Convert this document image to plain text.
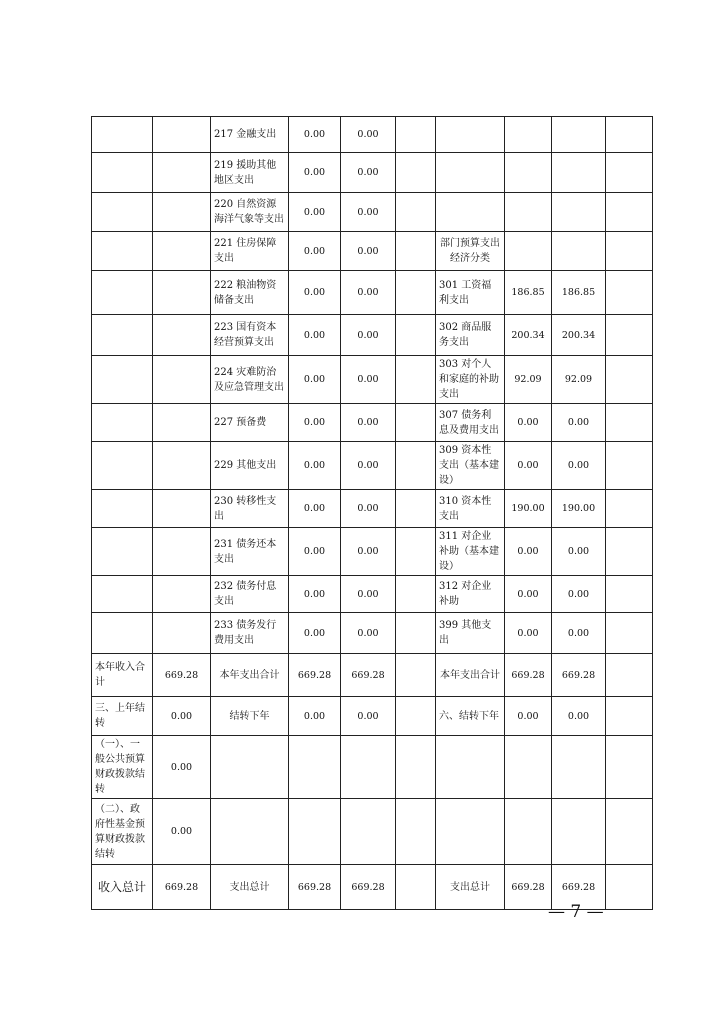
		217 金融支出	0.00	0.00					
		219 援助其他地区支出	0.00	0.00					
		220 自然资源海洋气象等支出	0.00	0.00					
		221 住房保障支出	0.00	0.00		部门预算支出经济分类			
		222 粮油物资储备支出	0.00	0.00		301 工资福利支出	186.85	186.85	
		223 国有资本经营预算支出	0.00	0.00		302 商品服务支出	200.34	200.34	
		224 灾难防治及应急管理支出	0.00	0.00		303 对个人和家庭的补助支出	92.09	92.09	
		227 预备费	0.00	0.00		307 债务利息及费用支出	0.00	0.00	
		229 其他支出	0.00	0.00		309 资本性支出（基本建设）	0.00	0.00	
		230 转移性支出	0.00	0.00		310 资本性支出	190.00	190.00	
		231 债务还本支出	0.00	0.00		311 对企业补助（基本建设）	0.00	0.00	
		232 债务付息支出	0.00	0.00		312 对企业补助	0.00	0.00	
		233 债务发行费用支出	0.00	0.00		399 其他支出	0.00	0.00	
本年收入合计	669.28	本年支出合计	669.28	669.28		本年支出合计	669.28	669.28	
三、上年结转	0.00	结转下年	0.00	0.00		六、结转下年	0.00	0.00	
（一）、一般公共预算财政拨款结转	0.00								
（二）、政府性基金预算财政拨款结转	0.00								
收入总计	669.28	支出总计	669.28	669.28		支出总计	669.28	669.28	
— 7 —
